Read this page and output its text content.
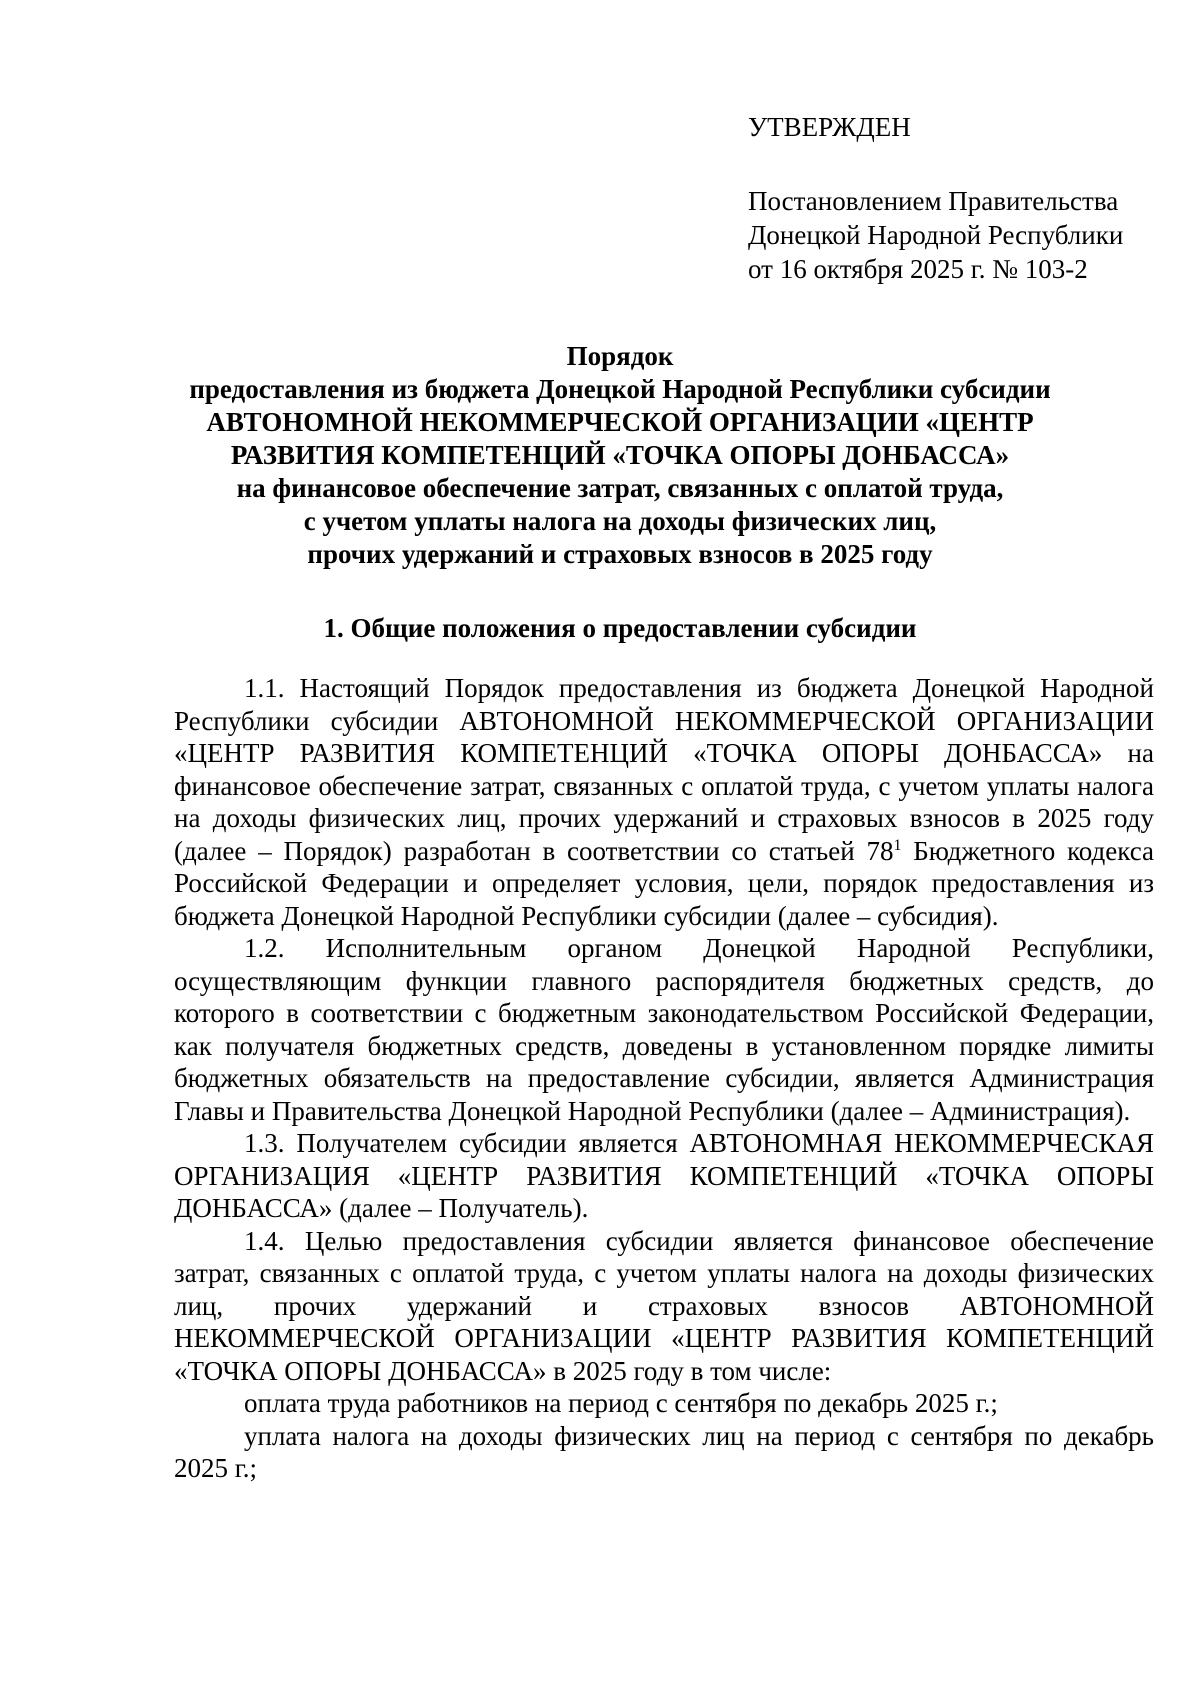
УТВЕРЖДЕН

Постановлением Правительства

Донецкой Народной Республики

от 16 октября 2025 г. № 103-2

Порядок

предоставления из бюджета Донецкой Народной Республики субсидии

АВТОНОМНОЙ НЕКОММЕРЧЕСКОЙ ОРГАНИЗАЦИИ «ЦЕНТР

РАЗВИТИЯ КОМПЕТЕНЦИЙ «ТОЧКА ОПОРЫ ДОНБАССА»

на финансовое обеспечение затрат, связанных с оплатой труда,

с учетом уплаты налога на доходы физических лиц,

прочих удержаний и страховых взносов в 2025 году

1. Общие положения о предоставлении субсидии

1.1. Настоящий Порядок предоставления из бюджета Донецкой Народной Республики субсидии АВТОНОМНОЙ НЕКОММЕРЧЕСКОЙ ОРГАНИЗАЦИИ «ЦЕНТР РАЗВИТИЯ КОМПЕТЕНЦИЙ «ТОЧКА ОПОРЫ ДОНБАССА» на финансовое обеспечение затрат, связанных с оплатой труда, с учетом уплаты налога на доходы физических лиц, прочих удержаний и страховых взносов в 2025 году (далее – Порядок) разработан в соответствии со статьей $78^1$ Бюджетного кодекса Российской Федерации и определяет условия, цели, порядок предоставления из бюджета Донецкой Народной Республики субсидии (далее – субсидия).

1.2. Исполнительным органом Донецкой Народной Республики, осуществляющим функции главного распорядителя бюджетных средств, до которого в соответствии с бюджетным законодательством Российской Федерации, как получателя бюджетных средств, доведены в установленном порядке лимиты бюджетных обязательств на предоставление субсидии, является Администрация Главы и Правительства Донецкой Народной Республики (далее – Администрация).

1.3. Получателем субсидии является АВТОНОМНАЯ НЕКОММЕРЧЕСКАЯ ОРГАНИЗАЦИЯ «ЦЕНТР РАЗВИТИЯ КОМПЕТЕНЦИЙ «ТОЧКА ОПОРЫ ДОНБАССА» (далее – Получатель).

1.4. Целью предоставления субсидии является финансовое обеспечение затрат, связанных с оплатой труда, с учетом уплаты налога на доходы физических лиц, прочих удержаний и страховых взносов АВТОНОМНОЙ НЕКОММЕРЧЕСКОЙ ОРГАНИЗАЦИИ «ЦЕНТР РАЗВИТИЯ КОМПЕТЕНЦИЙ «ТОЧКА ОПОРЫ ДОНБАССА» в 2025 году в том числе:

оплата труда работников на период с сентября по декабрь 2025 г.;

уплата налога на доходы физических лиц на период с сентября по декабрь 2025 г.;
